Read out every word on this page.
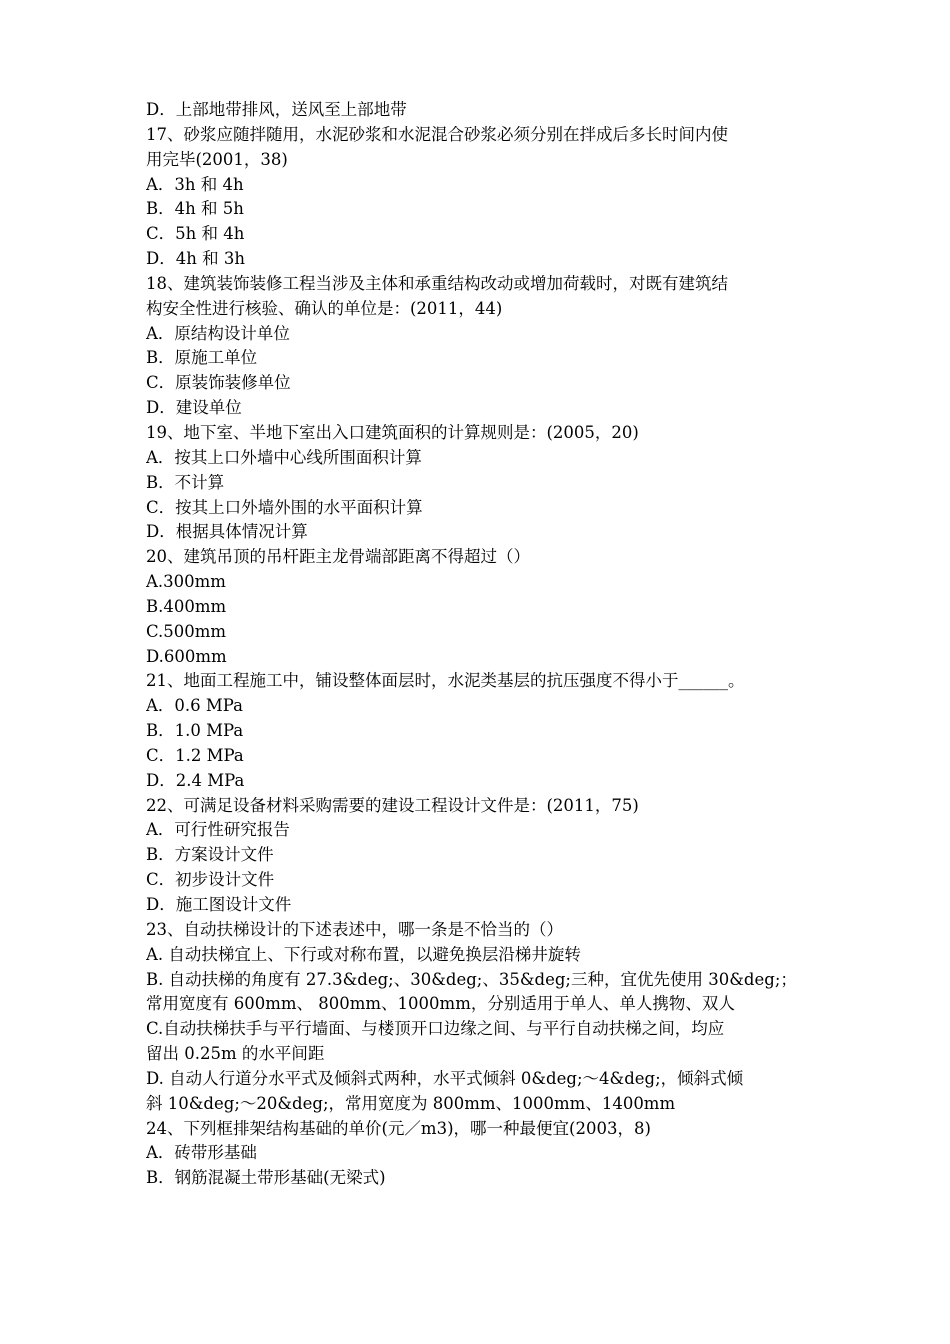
D．上部地带排风，送风至上部地带
17、砂浆应随拌随用，水泥砂浆和水泥混合砂浆必须分别在拌成后多长时间内使
用完毕(2001，38)
A．3h 和 4h
B．4h 和 5h
C．5h 和 4h
D．4h 和 3h
18、建筑装饰装修工程当涉及主体和承重结构改动或增加荷载时，对既有建筑结
构安全性进行核验、确认的单位是：(2011，44)
A．原结构设计单位
B．原施工单位
C．原装饰装修单位
D．建设单位
19、地下室、半地下室出入口建筑面积的计算规则是：(2005，20)
A．按其上口外墙中心线所围面积计算
B．不计算
C．按其上口外墙外围的水平面积计算
D．根据具体情况计算
20、建筑吊顶的吊杆距主龙骨端部距离不得超过（）
A.300mm
B.400mm
C.500mm
D.600mm
21、地面工程施工中，铺设整体面层时，水泥类基层的抗压强度不得小于______。
A．0.6 MPa
B．1.0 MPa
C．1.2 MPa
D．2.4 MPa
22、可满足设备材料采购需要的建设工程设计文件是：(2011，75)
A．可行性研究报告
B．方案设计文件
C．初步设计文件
D．施工图设计文件
23、自动扶梯设计的下述表述中，哪一条是不恰当的（）
A. 自动扶梯宜上、下行或对称布置，以避免换层沿梯井旋转
B. 自动扶梯的角度有 27.3&deg;、30&deg;、35&deg;三种，宜优先使用 30&deg;；
常用宽度有 600mm、 800mm、1000mm，分别适用于单人、单人携物、双人
C.自动扶梯扶手与平行墙面、与楼顶开口边缘之间、与平行自动扶梯之间，均应
留出 0.25m 的水平间距
D. 自动人行道分水平式及倾斜式两种，水平式倾斜 0&deg;～4&deg;，倾斜式倾
斜 10&deg;～20&deg;，常用宽度为 800mm、1000mm、1400mm
24、下列框排架结构基础的单价(元／m3)，哪一种最便宜(2003，8)
A．砖带形基础
B．钢筋混凝土带形基础(无梁式)
